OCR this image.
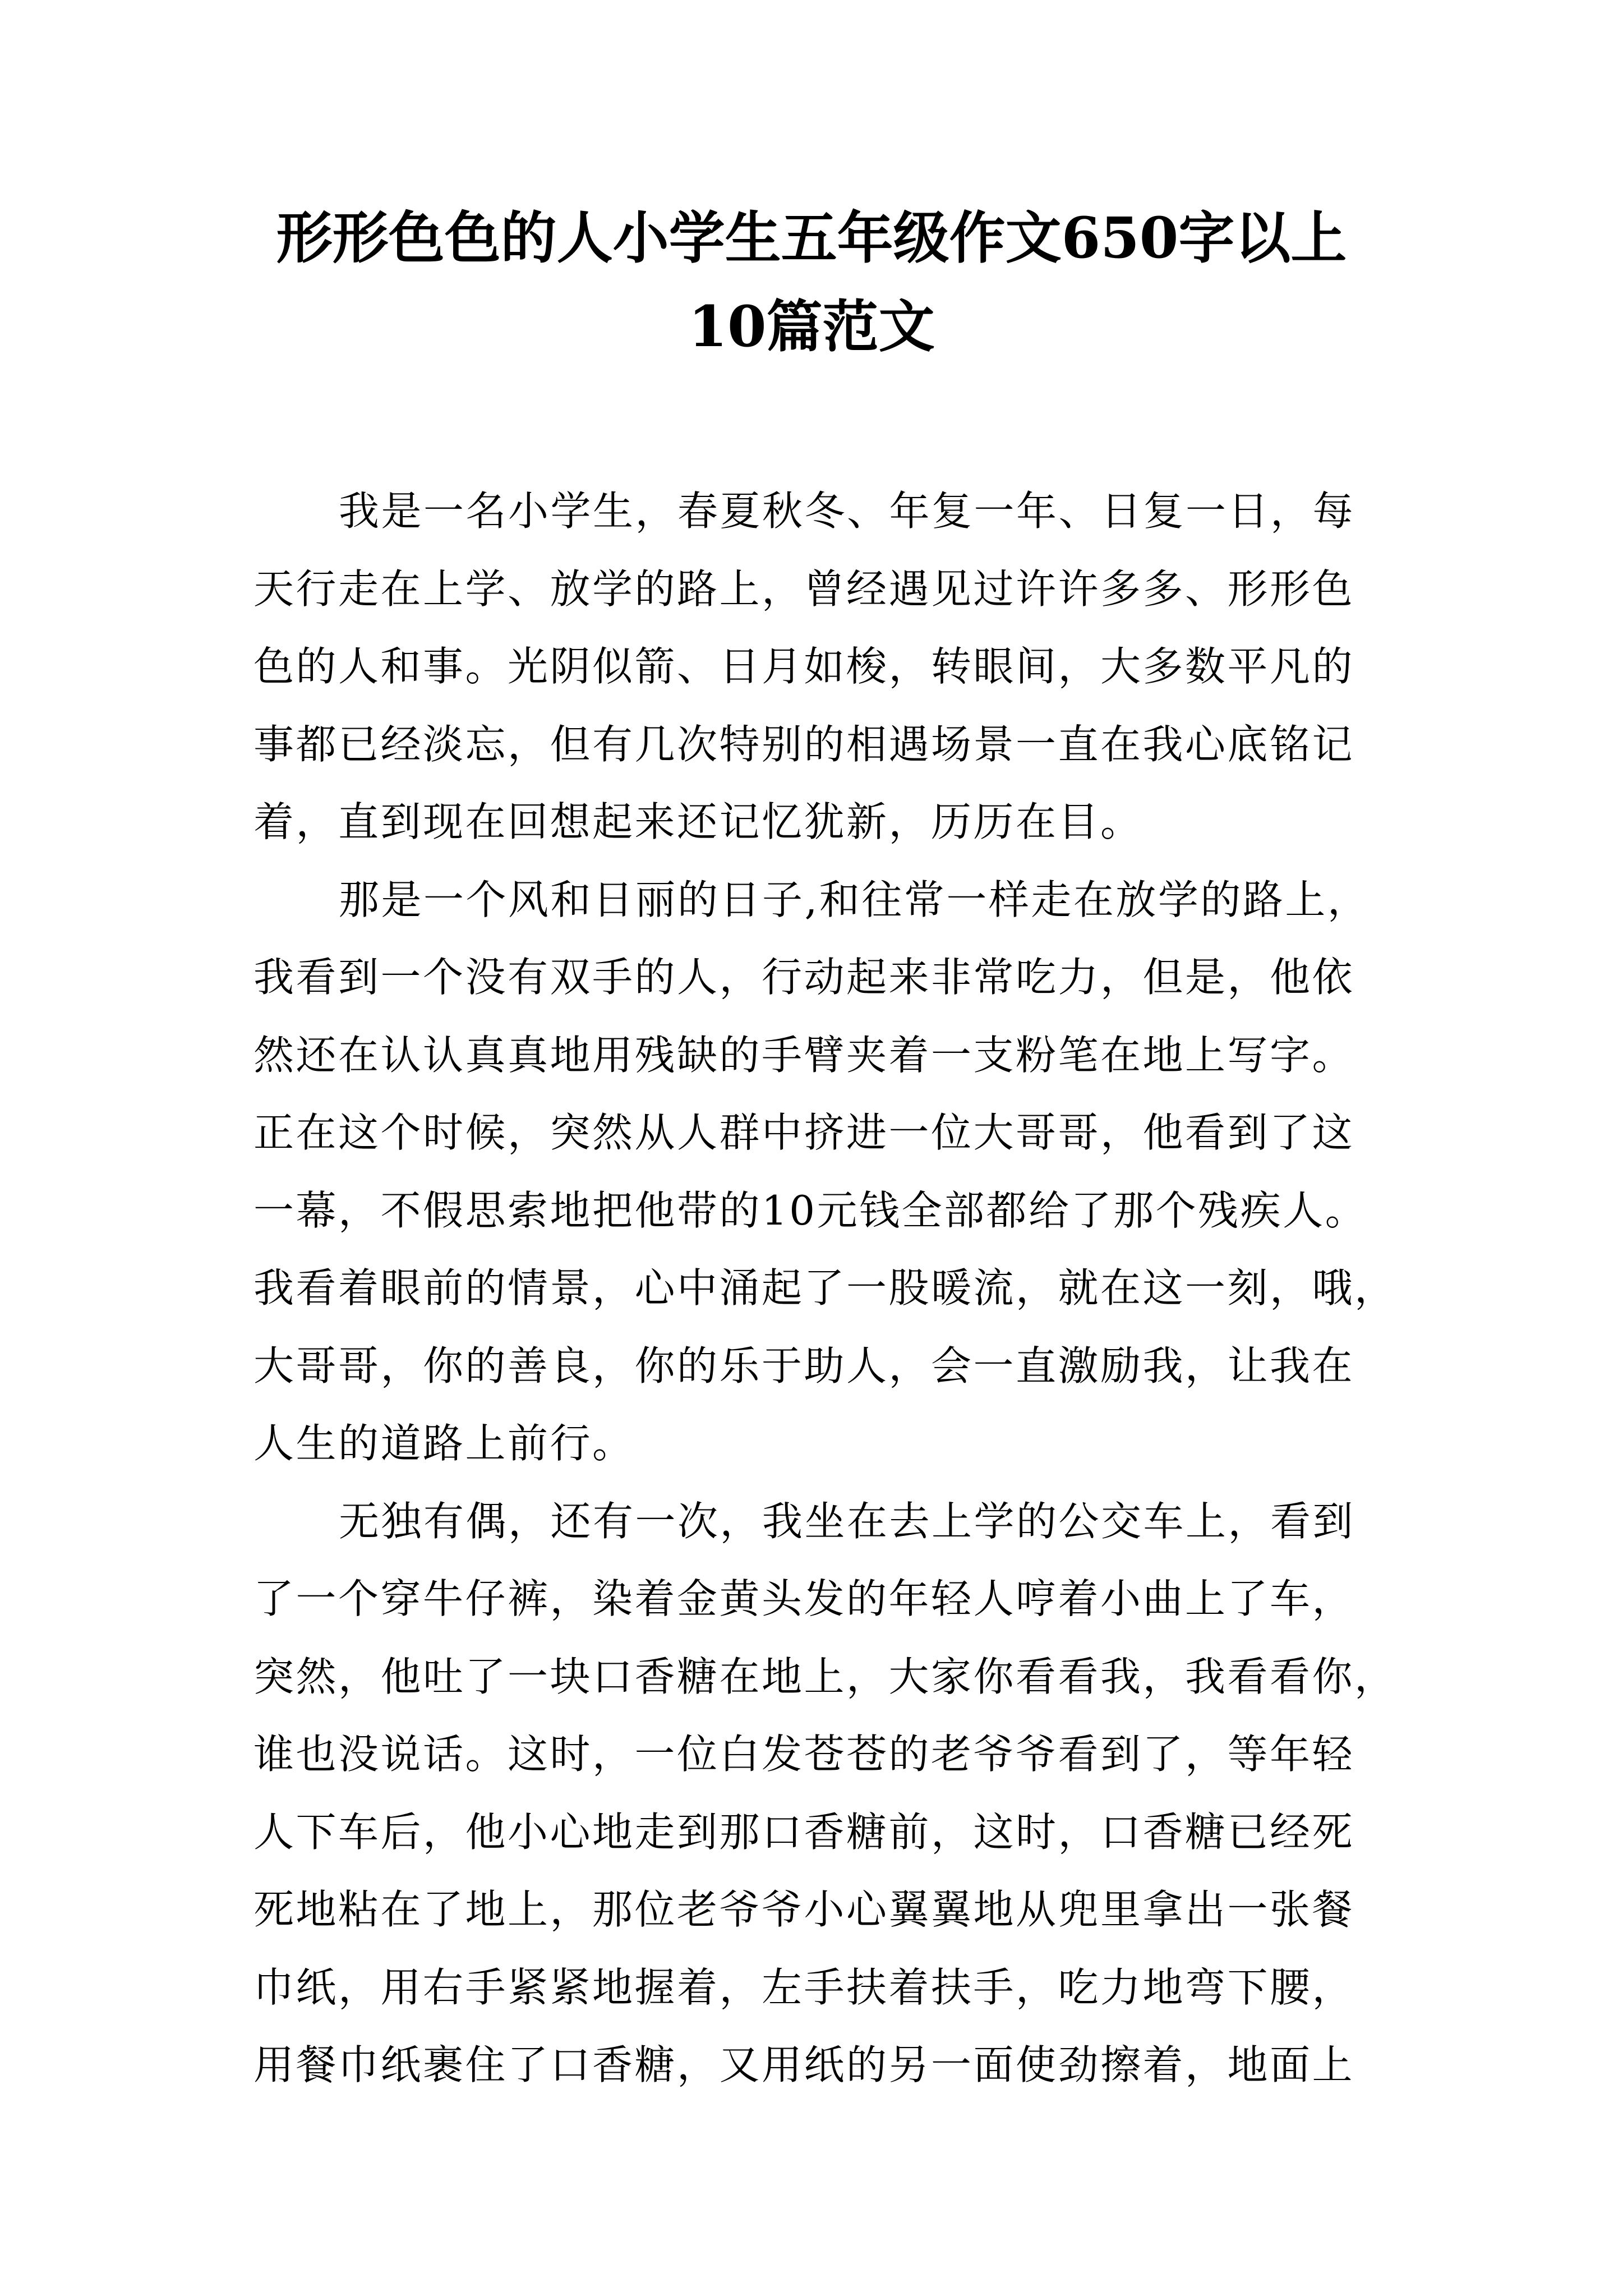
形形色色的人小学生五年级作文650字以上
10篇范文
我是一名小学生，春夏秋冬、年复一年、日复一日，每
天行走在上学、放学的路上，曾经遇见过许许多多、形形色
色的人和事。光阴似箭、日月如梭，转眼间，大多数平凡的
事都已经淡忘，但有几次特别的相遇场景一直在我心底铭记
着，直到现在回想起来还记忆犹新，历历在目。
那是一个风和日丽的日子,和往常一样走在放学的路上，
我看到一个没有双手的人，行动起来非常吃力，但是，他依
然还在认认真真地用残缺的手臂夹着一支粉笔在地上写字。
正在这个时候，突然从人群中挤进一位大哥哥，他看到了这
一幕，不假思索地把他带的10元钱全部都给了那个残疾人。
我看着眼前的情景，心中涌起了一股暖流，就在这一刻，哦，
大哥哥，你的善良，你的乐于助人，会一直激励我，让我在
人生的道路上前行。
无独有偶，还有一次，我坐在去上学的公交车上，看到
了一个穿牛仔裤，染着金黄头发的年轻人哼着小曲上了车，
突然，他吐了一块口香糖在地上，大家你看看我，我看看你，
谁也没说话。这时，一位白发苍苍的老爷爷看到了，等年轻
人下车后，他小心地走到那口香糖前，这时，口香糖已经死
死地粘在了地上，那位老爷爷小心翼翼地从兜里拿出一张餐
巾纸，用右手紧紧地握着，左手扶着扶手，吃力地弯下腰，
用餐巾纸裹住了口香糖，又用纸的另一面使劲擦着，地面上
